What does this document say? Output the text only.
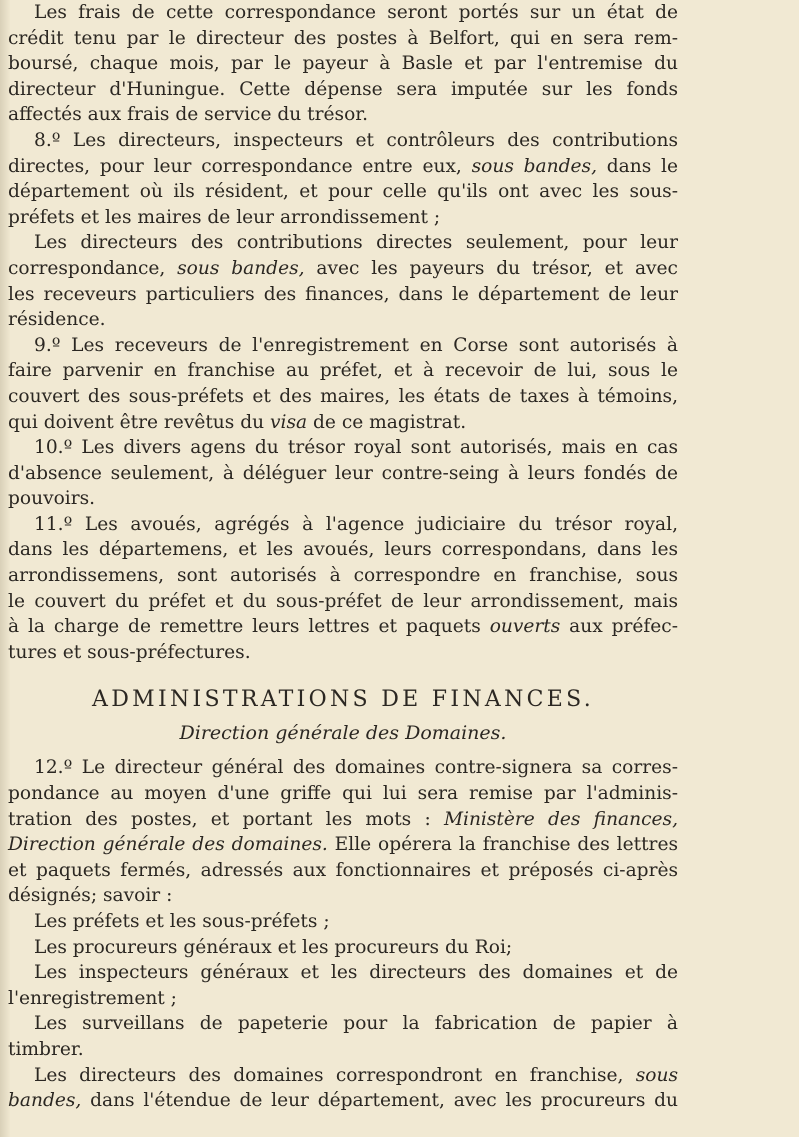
Les frais de cette correspondance seront portés sur un état de
crédit tenu par le directeur des postes à Belfort, qui en sera rem-
boursé, chaque mois, par le payeur à Basle et par l'entremise du
directeur d'Huningue. Cette dépense sera imputée sur les fonds
affectés aux frais de service du trésor.
8.º Les directeurs, inspecteurs et contrôleurs des contributions
directes, pour leur correspondance entre eux, sous bandes, dans le
département où ils résident, et pour celle qu'ils ont avec les sous-
préfets et les maires de leur arrondissement ;
Les directeurs des contributions directes seulement, pour leur
correspondance, sous bandes, avec les payeurs du trésor, et avec
les receveurs particuliers des finances, dans le département de leur
résidence.
9.º Les receveurs de l'enregistrement en Corse sont autorisés à
faire parvenir en franchise au préfet, et à recevoir de lui, sous le
couvert des sous-préfets et des maires, les états de taxes à témoins,
qui doivent être revêtus du visa de ce magistrat.
10.º Les divers agens du trésor royal sont autorisés, mais en cas
d'absence seulement, à déléguer leur contre-seing à leurs fondés de
pouvoirs.
11.º Les avoués, agrégés à l'agence judiciaire du trésor royal,
dans les départemens, et les avoués, leurs correspondans, dans les
arrondissemens, sont autorisés à correspondre en franchise, sous
le couvert du préfet et du sous-préfet de leur arrondissement, mais
à la charge de remettre leurs lettres et paquets ouverts aux préfec-
tures et sous-préfectures.
ADMINISTRATIONS DE FINANCES.
Direction générale des Domaines.
12.º Le directeur général des domaines contre-signera sa corres-
pondance au moyen d'une griffe qui lui sera remise par l'adminis-
tration des postes, et portant les mots : Ministère des finances,
Direction générale des domaines. Elle opérera la franchise des lettres
et paquets fermés, adressés aux fonctionnaires et préposés ci-après
désignés; savoir :
Les préfets et les sous-préfets ;
Les procureurs généraux et les procureurs du Roi;
Les inspecteurs généraux et les directeurs des domaines et de
l'enregistrement ;
Les surveillans de papeterie pour la fabrication de papier à
timbrer.
Les directeurs des domaines correspondront en franchise, sous
bandes, dans l'étendue de leur département, avec les procureurs du
